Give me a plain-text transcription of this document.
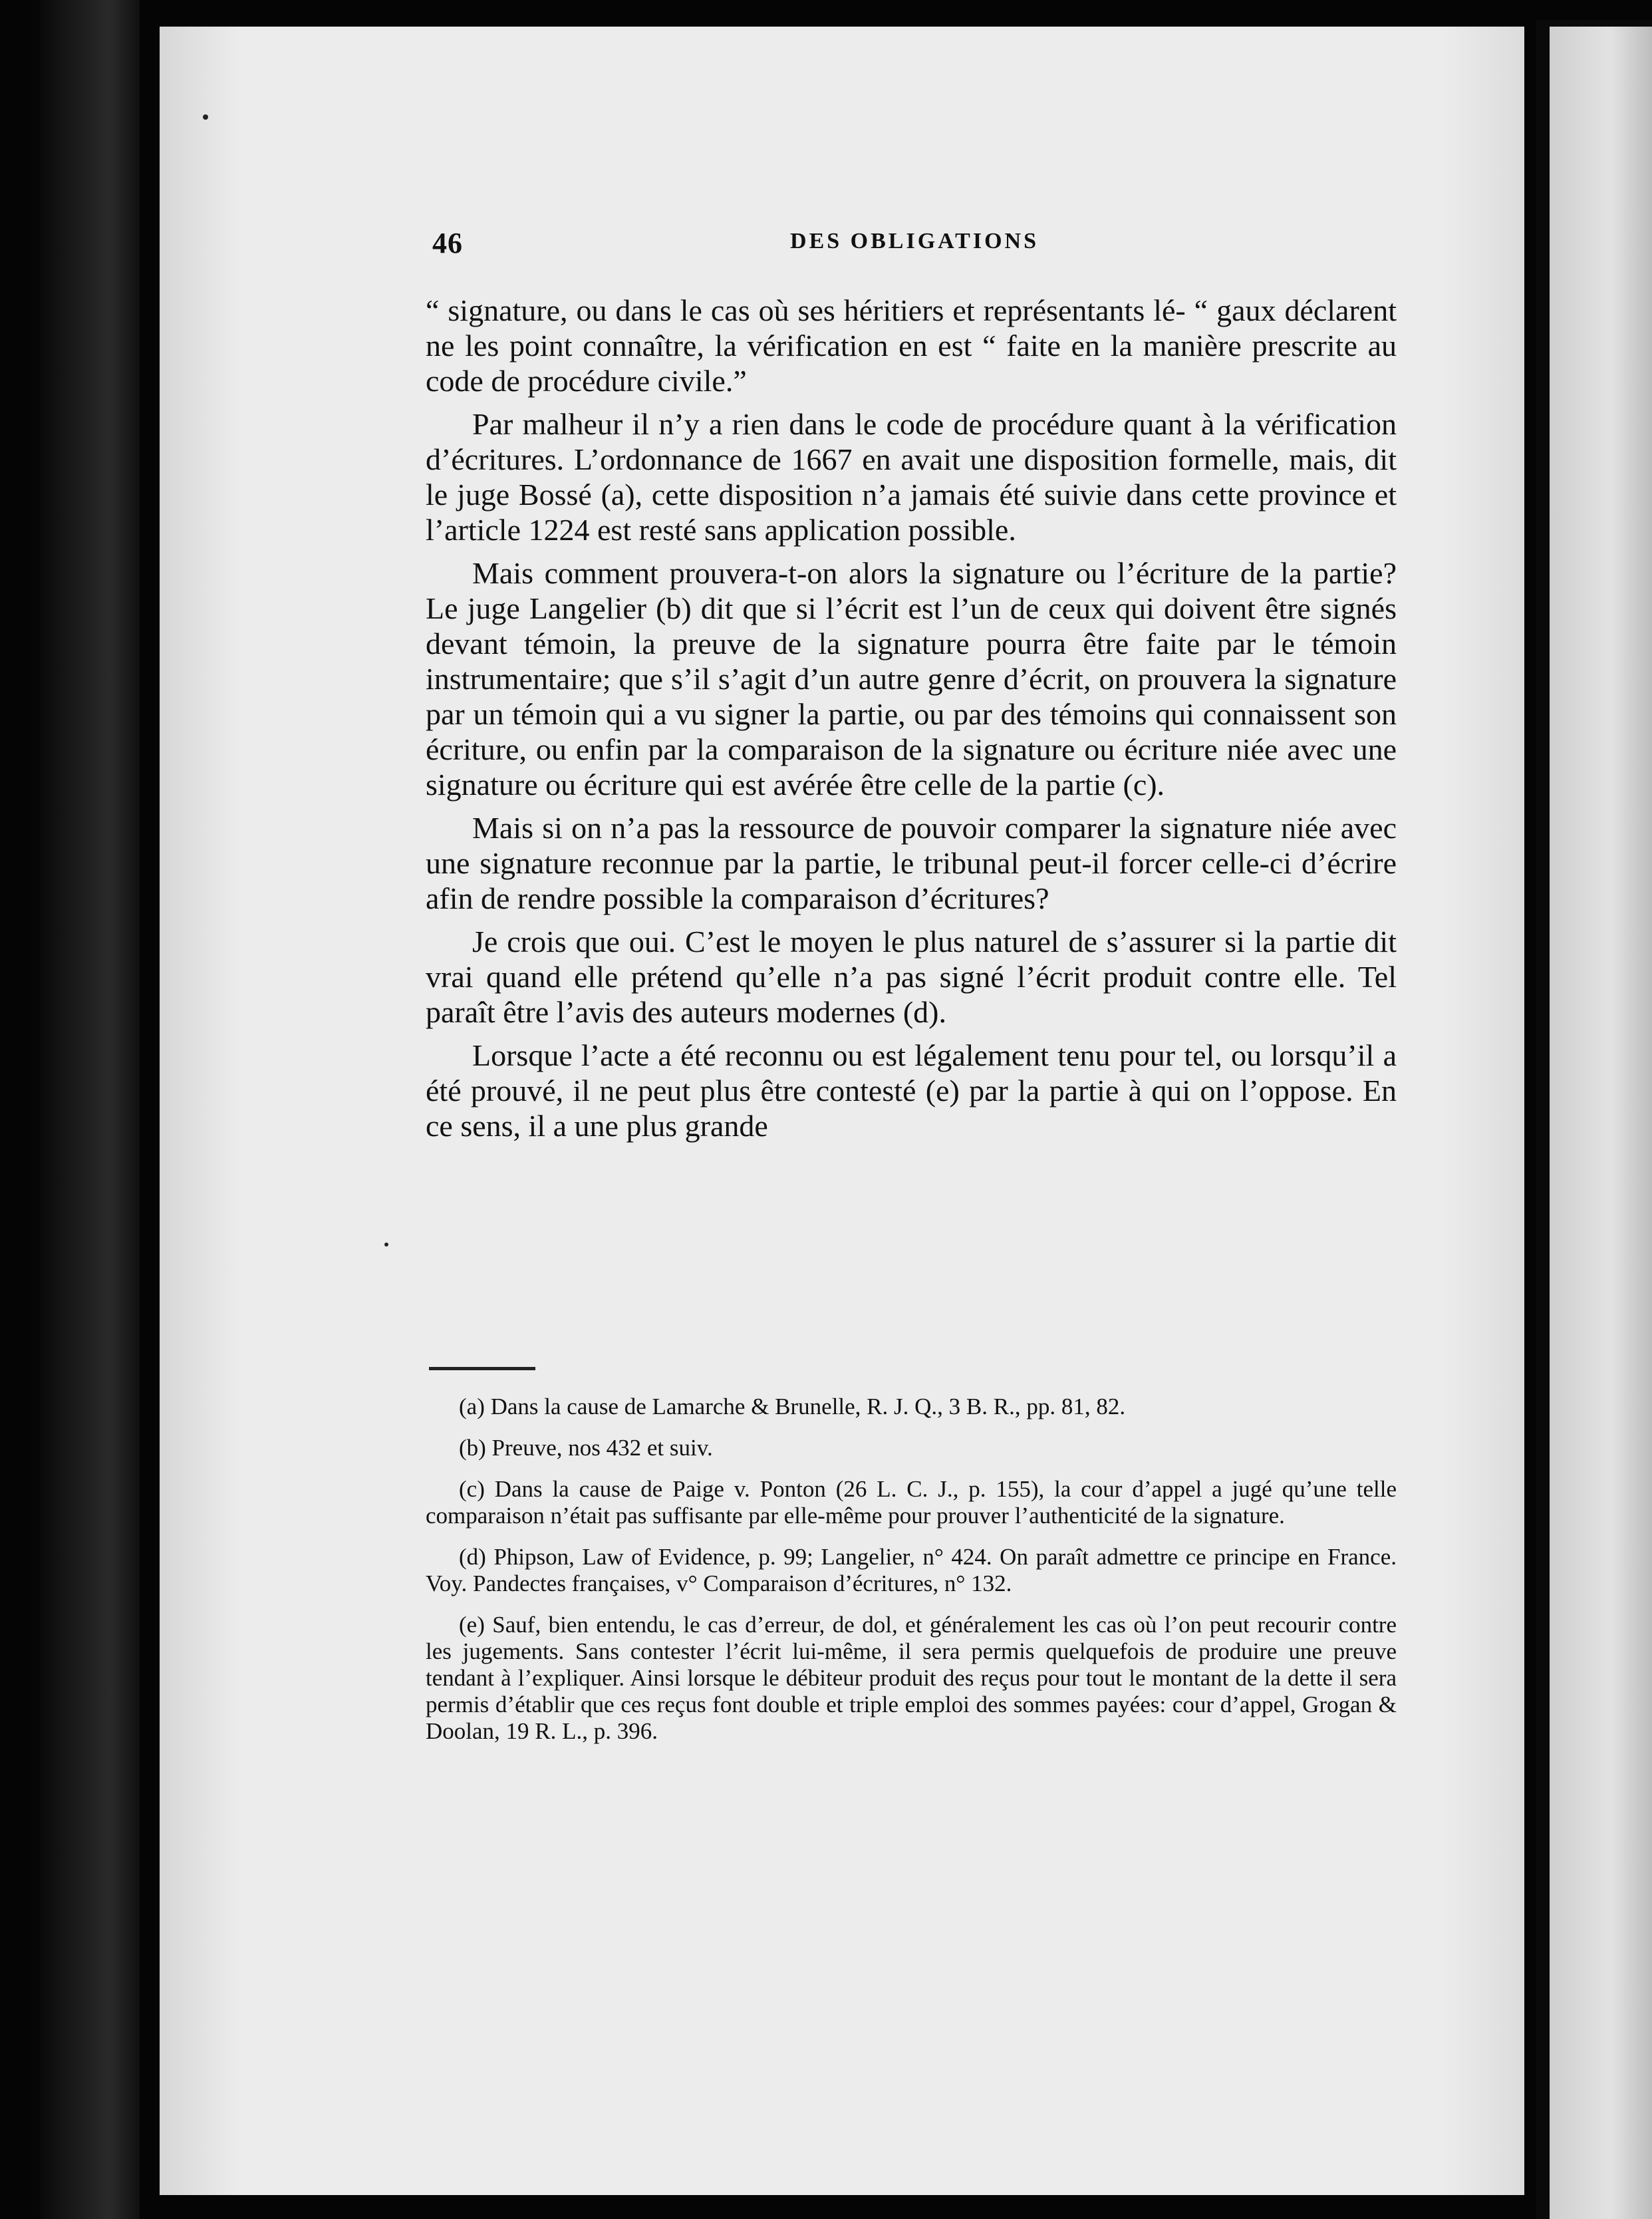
46	DES OBLIGATIONS

“ signature, ou dans le cas où ses héritiers et représentants lé- “ gaux déclarent ne les point connaître, la vérification en est “ faite en la manière prescrite au code de procédure civile.”

Par malheur il n’y a rien dans le code de procédure quant à la vérification d’écritures. L’ordonnance de 1667 en avait une disposition formelle, mais, dit le juge Bossé (a), cette disposition n’a jamais été suivie dans cette province et l’article 1224 est resté sans application possible.

Mais comment prouvera-t-on alors la signature ou l’écriture de la partie? Le juge Langelier (b) dit que si l’écrit est l’un de ceux qui doivent être signés devant témoin, la preuve de la signature pourra être faite par le témoin instrumentaire; que s’il s’agit d’un autre genre d’écrit, on prouvera la signature par un témoin qui a vu signer la partie, ou par des témoins qui connaissent son écriture, ou enfin par la comparaison de la signature ou écriture niée avec une signature ou écriture qui est avérée être celle de la partie (c).

Mais si on n’a pas la ressource de pouvoir comparer la signature niée avec une signature reconnue par la partie, le tribunal peut-il forcer celle-ci d’écrire afin de rendre possible la comparaison d’écritures?

Je crois que oui. C’est le moyen le plus naturel de s’assurer si la partie dit vrai quand elle prétend qu’elle n’a pas signé l’écrit produit contre elle. Tel paraît être l’avis des auteurs modernes (d).

Lorsque l’acte a été reconnu ou est légalement tenu pour tel, ou lorsqu’il a été prouvé, il ne peut plus être contesté (e) par la partie à qui on l’oppose. En ce sens, il a une plus grande

(a) Dans la cause de Lamarche & Brunelle, R. J. Q., 3 B. R., pp. 81, 82.

(b) Preuve, nos 432 et suiv.

(c) Dans la cause de Paige v. Ponton (26 L. C. J., p. 155), la cour d’appel a jugé qu’une telle comparaison n’était pas suffisante par elle-même pour prouver l’authenticité de la signature.

(d) Phipson, Law of Evidence, p. 99; Langelier, n° 424. On paraît admettre ce principe en France. Voy. Pandectes françaises, v° Comparaison d’écritures, n° 132.

(e) Sauf, bien entendu, le cas d’erreur, de dol, et généralement les cas où l’on peut recourir contre les jugements. Sans contester l’écrit lui-même, il sera permis quelquefois de produire une preuve tendant à l’expliquer. Ainsi lorsque le débiteur produit des reçus pour tout le montant de la dette il sera permis d’établir que ces reçus font double et triple emploi des sommes payées: cour d’appel, Grogan & Doolan, 19 R. L., p. 396.
